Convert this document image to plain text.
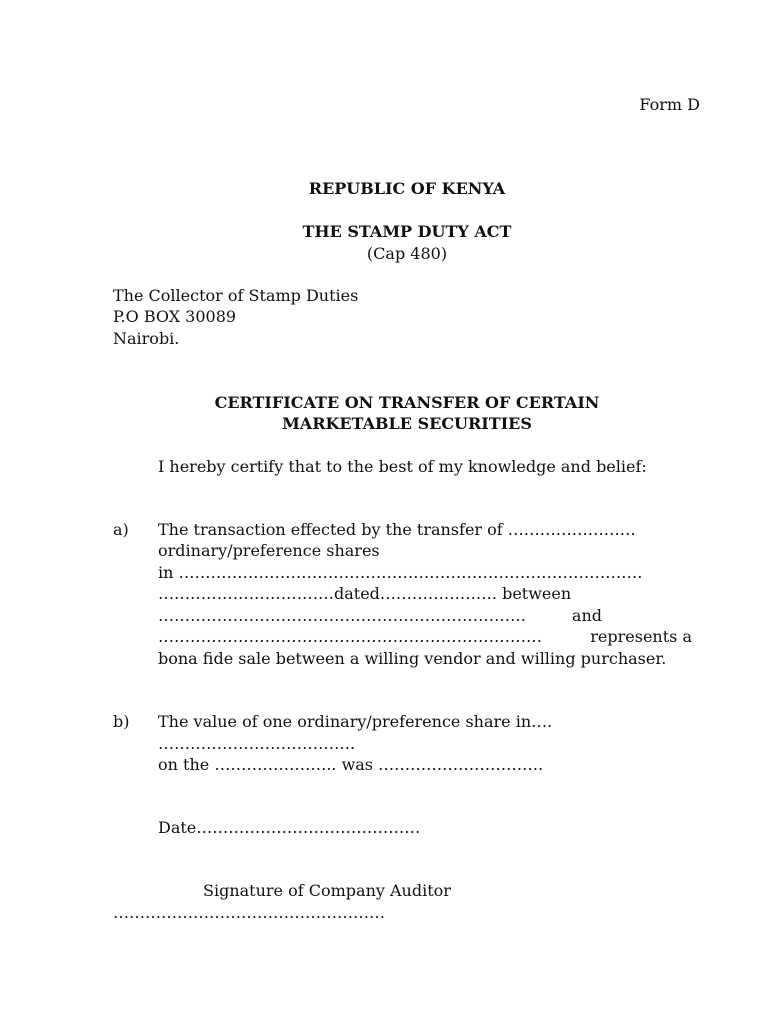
Form D
REPUBLIC OF KENYA
THE STAMP DUTY ACT
(Cap 480)
The Collector of Stamp Duties
P.O BOX 30089
Nairobi.
CERTIFICATE ON TRANSFER OF CERTAIN
MARKETABLE SECURITIES
I hereby certify that to the best of my knowledge and belief:
a) The transaction effected by the transfer of ……………………
ordinary/preference shares
in ……………………………………………………………………………
……………………………dated…………………. between
……………………………………………………………	and
………………………………………………………………	represents a
bona fide sale between a willing vendor and willing purchaser.
b) The value of one ordinary/preference share in….
……………………………….
on the ………………….. was ………………………….
Date……………………………………
Signature of Company Auditor
……………………………………………
